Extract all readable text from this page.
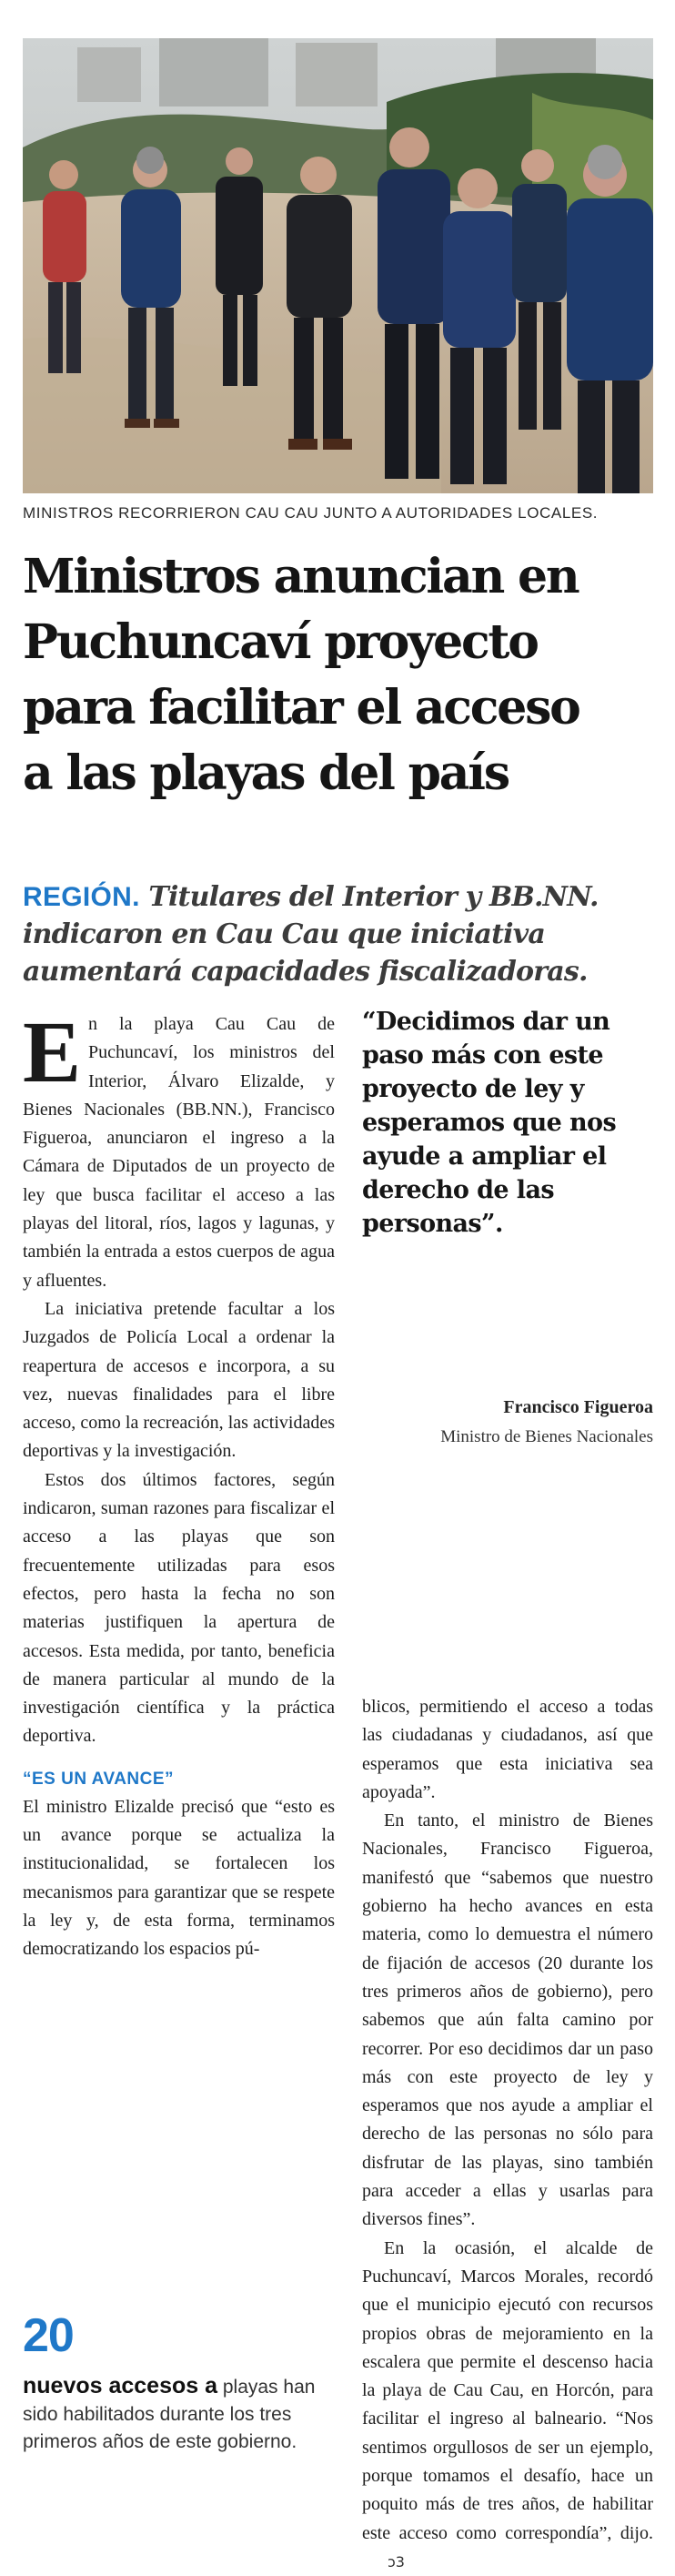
MINISTROS RECORRIERON CAU CAU JUNTO A AUTORIDADES LOCALES.
Ministros anuncian en
Puchuncaví proyecto
para facilitar el acceso
a las playas del país
REGIÓN. Titulares del Interior y BB.NN.
indicaron en Cau Cau que iniciativa
aumentará capacidades fiscalizadoras.

En la playa Cau Cau de Puchuncaví, los ministros del Interior, Álvaro Elizalde, y Bienes Nacionales (BB.NN.), Francisco Figueroa, anunciaron el ingreso a la Cámara de Diputados de un proyecto de ley que busca facilitar el acceso a las playas del litoral, ríos, lagos y lagunas, y también la entrada a estos cuerpos de agua y afluentes.

La iniciativa pretende facultar a los Juzgados de Policía Local a ordenar la reapertura de accesos e incorpora, a su vez, nuevas finalidades para el libre acceso, como la recreación, las actividades deportivas y la investigación.

Estos dos últimos factores, según indicaron, suman razones para fiscalizar el acceso a las playas que son frecuentemente utilizadas para esos efectos, pero hasta la fecha no son materias justifiquen la apertura de accesos. Esta medida, por tanto, beneficia de manera particular al mundo de la investigación científica y la práctica deportiva.

“ES UN AVANCE”

El ministro Elizalde precisó que “esto es un avance porque se actualiza la institucionalidad, se fortalecen los mecanismos para garantizar que se respete la ley y, de esta forma, terminamos democratizando los espacios pú-

“Decidimos dar un paso más con este proyecto de ley y esperamos que nos ayude a ampliar el derecho de las personas”.
Francisco Figueroa
Ministro de Bienes Nacionales

blicos, permitiendo el acceso a todas las ciudadanas y ciudadanos, así que esperamos que esta iniciativa sea apoyada”.

En tanto, el ministro de Bienes Nacionales, Francisco Figueroa, manifestó que “sabemos que nuestro gobierno ha hecho avances en esta materia, como lo demuestra el número de fijación de accesos (20 durante los tres primeros años de gobierno), pero sabemos que aún falta camino por recorrer. Por eso decidimos dar un paso más con este proyecto de ley y esperamos que nos ayude a ampliar el derecho de las personas no sólo para disfrutar de las playas, sino también para acceder a ellas y usarlas para diversos fines”.

En la ocasión, el alcalde de Puchuncaví, Marcos Morales, recordó que el municipio ejecutó con recursos propios obras de mejoramiento en la escalera que permite el descenso hacia la playa de Cau Cau, en Horcón, para facilitar el ingreso al balneario. “Nos sentimos orgullosos de ser un ejemplo, porque tomamos el desafío, hace un poquito más de tres años, de habilitar este acceso como correspondía”, dijo.ↄ3

20
nuevos accesos a playas han sido habilitados durante los tres primeros años de este gobierno.
